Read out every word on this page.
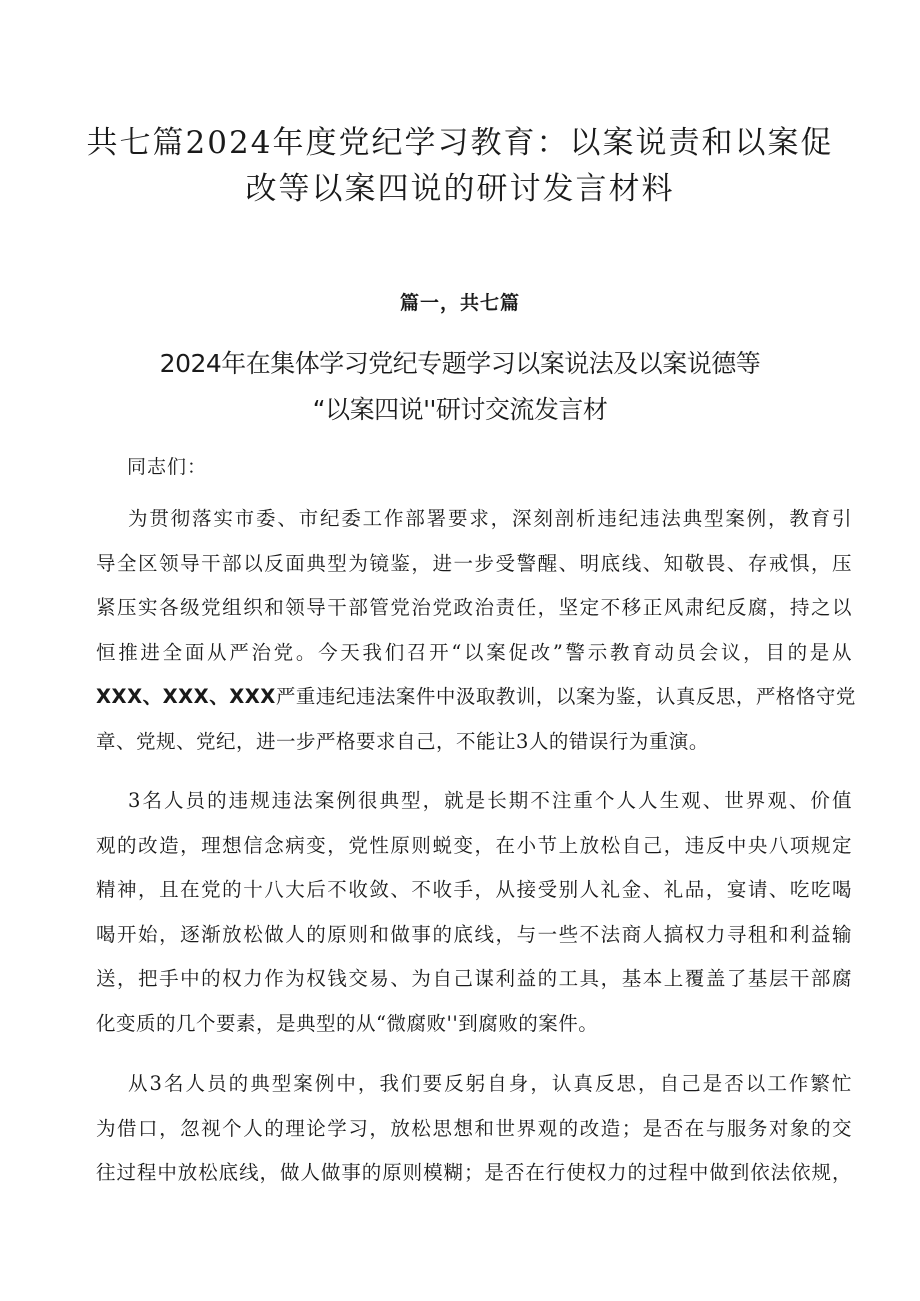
共七篇2024年度党纪学习教育：以案说责和以案促
改等以案四说的研讨发言材料
篇一，共七篇
2024年在集体学习党纪专题学习以案说法及以案说德等
“以案四说''研讨交流发言材
同志们：
为贯彻落实市委、市纪委工作部署要求，深刻剖析违纪违法典型案例，教育引
导全区领导干部以反面典型为镜鉴，进一步受警醒、明底线、知敬畏、存戒惧，压
紧压实各级党组织和领导干部管党治党政治责任，坚定不移正风肃纪反腐，持之以
恒推进全面从严治党。今天我们召开“以案促改”警示教育动员会议，目的是从
XXX、XXX、XXX严重违纪违法案件中汲取教训，以案为鉴，认真反思，严格恪守党
章、党规、党纪，进一步严格要求自己，不能让3人的错误行为重演。
3名人员的违规违法案例很典型，就是长期不注重个人人生观、世界观、价值
观的改造，理想信念病变，党性原则蜕变，在小节上放松自己，违反中央八项规定
精神，且在党的十八大后不收敛、不收手，从接受别人礼金、礼品，宴请、吃吃喝
喝开始，逐渐放松做人的原则和做事的底线，与一些不法商人搞权力寻租和利益输
送，把手中的权力作为权钱交易、为自己谋利益的工具，基本上覆盖了基层干部腐
化变质的几个要素，是典型的从“微腐败''到腐败的案件。
从3名人员的典型案例中，我们要反躬自身，认真反思，自己是否以工作繁忙
为借口，忽视个人的理论学习，放松思想和世界观的改造；是否在与服务对象的交
往过程中放松底线，做人做事的原则模糊；是否在行使权力的过程中做到依法依规，
